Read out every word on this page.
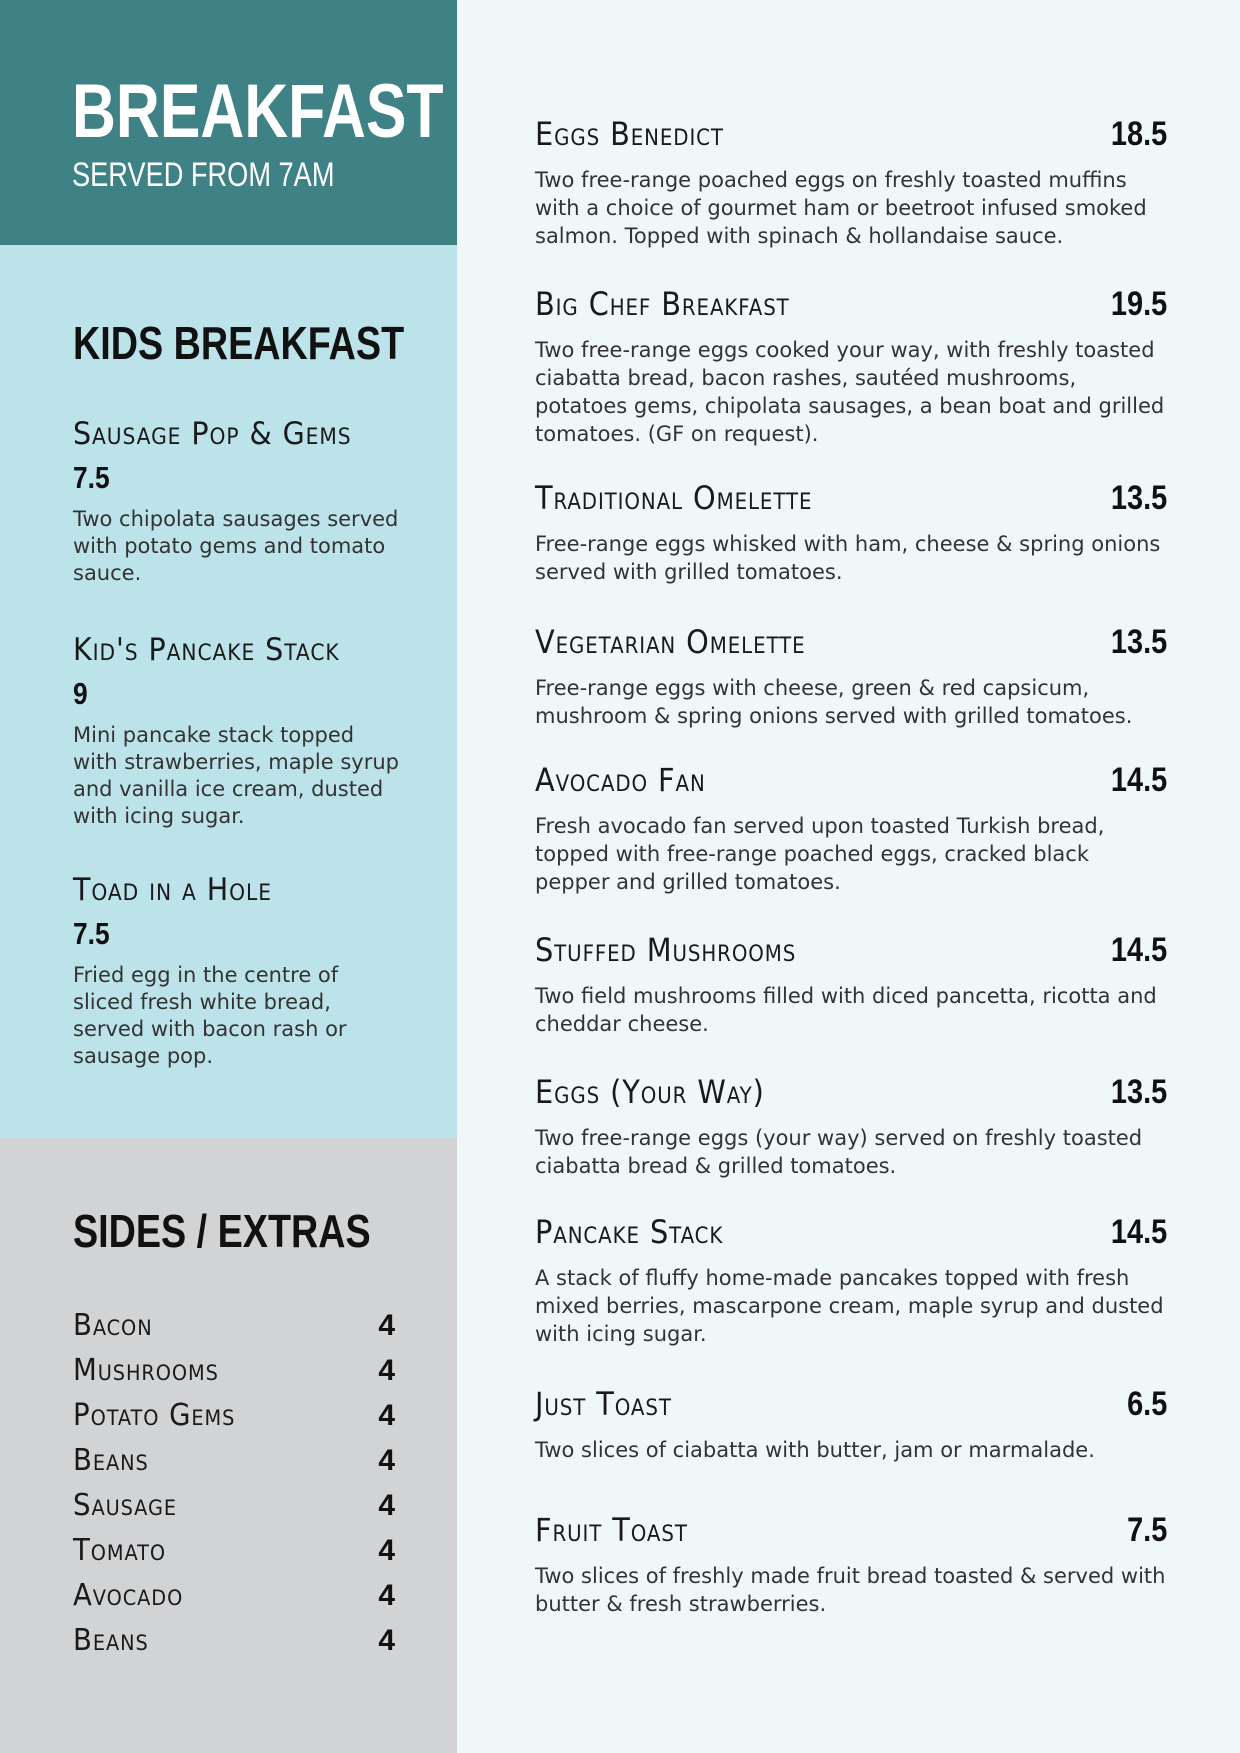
BREAKFAST
SERVED FROM 7AM
KIDS BREAKFAST
Sausage Pop & Gems
7.5
Two chipolata sausages served with potato gems and tomato sauce.
Kid's Pancake Stack
9
Mini pancake stack topped with strawberries, maple syrup and vanilla ice cream, dusted with icing sugar.
Toad in a Hole
7.5
Fried egg in the centre of sliced fresh white bread, served with bacon rash or sausage pop.
SIDES / EXTRAS
Bacon	4
Mushrooms	4
Potato Gems	4
Beans	4
Sausage	4
Tomato	4
Avocado	4
Beans	4
Eggs Benedict	18.5
Two free-range poached eggs on freshly toasted muffins with a choice of gourmet ham or beetroot infused smoked salmon. Topped with spinach & hollandaise sauce.
Big Chef Breakfast	19.5
Two free-range eggs cooked your way, with freshly toasted ciabatta bread, bacon rashes, sautéed mushrooms, potatoes gems, chipolata sausages, a bean boat and grilled tomatoes. (GF on request).
Traditional Omelette	13.5
Free-range eggs whisked with ham, cheese & spring onions served with grilled tomatoes.
Vegetarian Omelette	13.5
Free-range eggs with cheese, green & red capsicum, mushroom & spring onions served with grilled tomatoes.
Avocado Fan	14.5
Fresh avocado fan served upon toasted Turkish bread, topped with free-range poached eggs, cracked black pepper and grilled tomatoes.
Stuffed Mushrooms	14.5
Two field mushrooms filled with diced pancetta, ricotta and cheddar cheese.
Eggs (Your Way)	13.5
Two free-range eggs (your way) served on freshly toasted ciabatta bread & grilled tomatoes.
Pancake Stack	14.5
A stack of fluffy home-made pancakes topped with fresh mixed berries, mascarpone cream, maple syrup and dusted with icing sugar.
Just Toast	6.5
Two slices of ciabatta with butter, jam or marmalade.
Fruit Toast	7.5
Two slices of freshly made fruit bread toasted & served with butter & fresh strawberries.
